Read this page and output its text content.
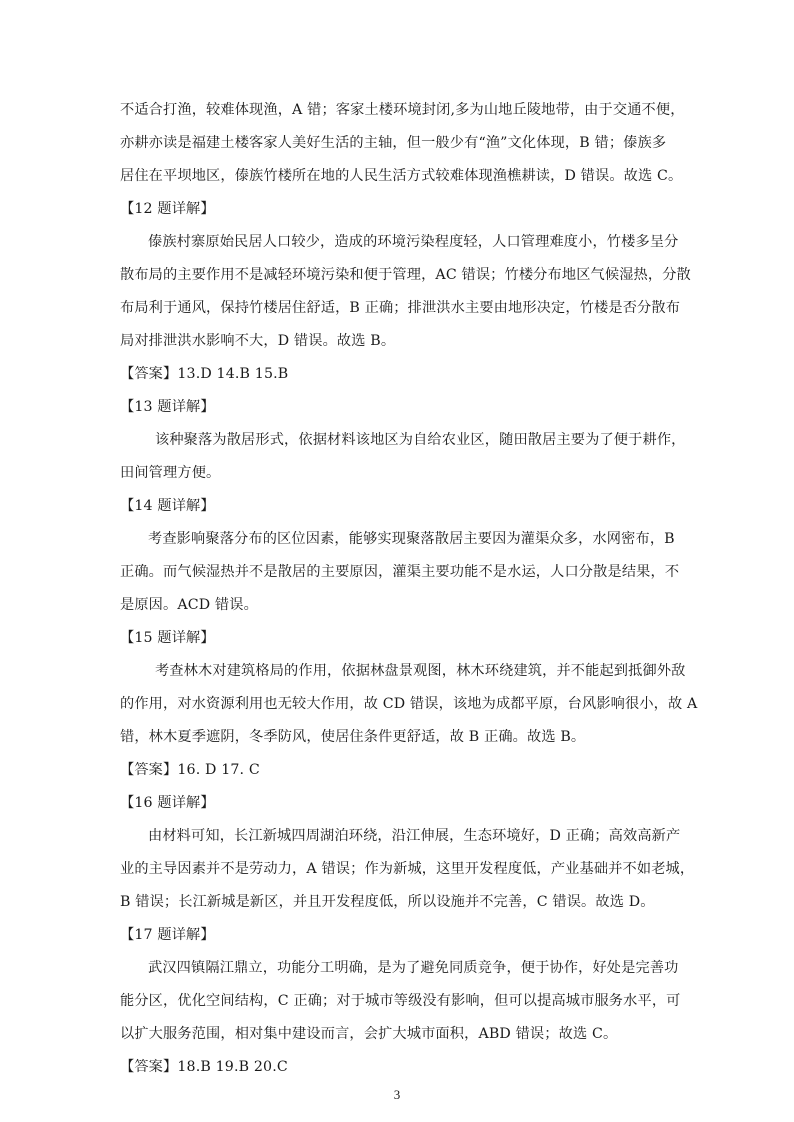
不适合打渔，较难体现渔，A 错；客家土楼环境封闭,多为山地丘陵地带，由于交通不便，
亦耕亦读是福建土楼客家人美好生活的主轴，但一般少有“渔”文化体现，B 错；傣族多
居住在平坝地区，傣族竹楼所在地的人民生活方式较难体现渔樵耕读，D 错误。故选 C。
【12 题详解】
傣族村寨原始民居人口较少，造成的环境污染程度轻，人口管理难度小，竹楼多呈分
散布局的主要作用不是减轻环境污染和便于管理，AC 错误；竹楼分布地区气候湿热，分散
布局利于通风，保持竹楼居住舒适，B 正确；排泄洪水主要由地形决定，竹楼是否分散布
局对排泄洪水影响不大，D 错误。故选 B。
【答案】13.D 14.B 15.B
【13 题详解】
该种聚落为散居形式，依据材料该地区为自给农业区，随田散居主要为了便于耕作，
田间管理方便。
【14 题详解】
考查影响聚落分布的区位因素，能够实现聚落散居主要因为灌渠众多，水网密布，B
正确。而气候湿热并不是散居的主要原因，灌渠主要功能不是水运，人口分散是结果，不
是原因。ACD 错误。
【15 题详解】
考查林木对建筑格局的作用，依据林盘景观图，林木环绕建筑，并不能起到抵御外敌
的作用，对水资源利用也无较大作用，故 CD 错误，该地为成都平原，台风影响很小，故 A
错，林木夏季遮阴，冬季防风，使居住条件更舒适，故 B 正确。故选 B。
【答案】16. D 17. C
【16 题详解】
由材料可知，长江新城四周湖泊环绕，沿江伸展，生态环境好，D 正确；高效高新产
业的主导因素并不是劳动力，A 错误；作为新城，这里开发程度低，产业基础并不如老城，
B 错误；长江新城是新区，并且开发程度低，所以设施并不完善，C 错误。故选 D。
【17 题详解】
武汉四镇隔江鼎立，功能分工明确，是为了避免同质竞争，便于协作，好处是完善功
能分区，优化空间结构，C 正确；对于城市等级没有影响，但可以提高城市服务水平，可
以扩大服务范围，相对集中建设而言，会扩大城市面积，ABD 错误；故选 C。
【答案】18.B 19.B 20.C
3
